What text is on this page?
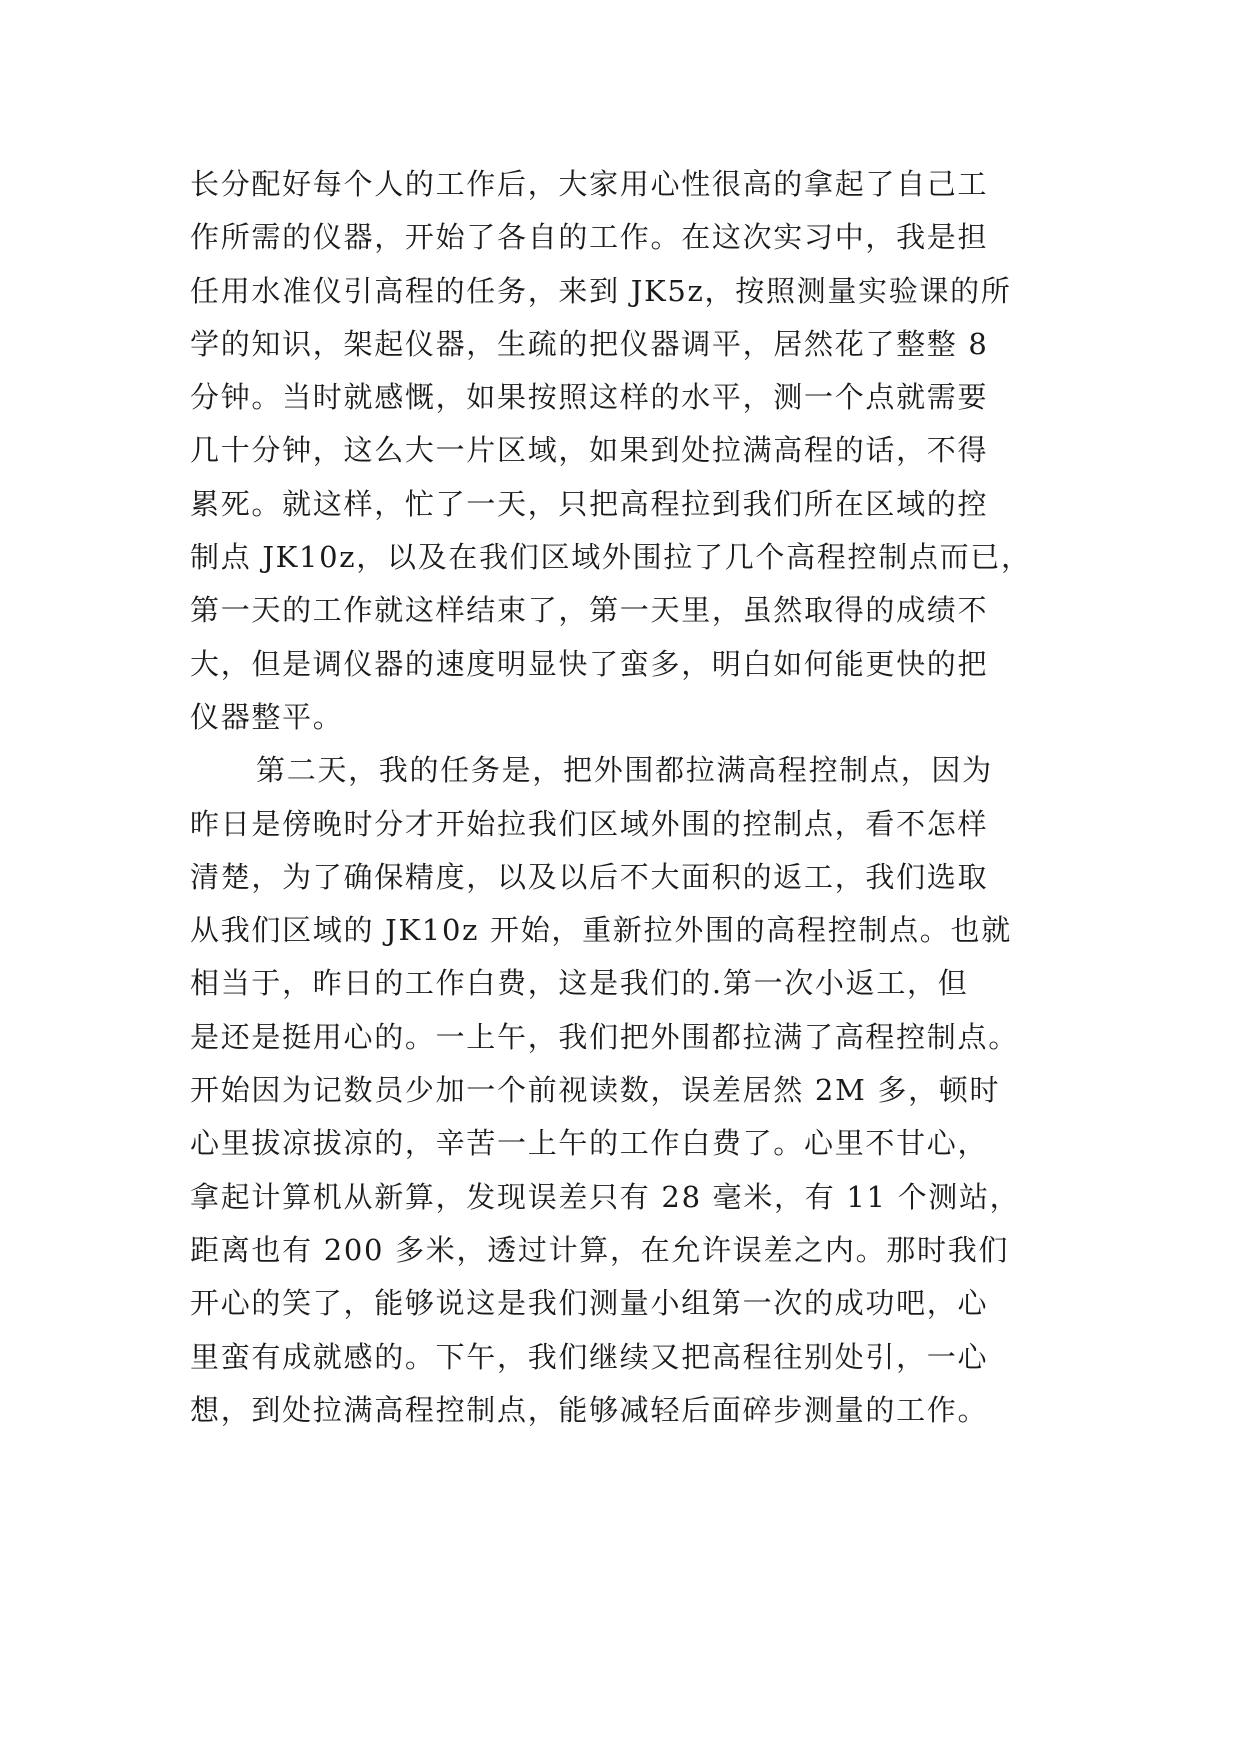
长分配好每个人的工作后，大家用心性很高的拿起了自己工
作所需的仪器，开始了各自的工作。在这次实习中，我是担
任用水准仪引高程的任务，来到 JK5z，按照测量实验课的所
学的知识，架起仪器，生疏的把仪器调平，居然花了整整 8
分钟。当时就感慨，如果按照这样的水平，测一个点就需要
几十分钟，这么大一片区域，如果到处拉满高程的话，不得
累死。就这样，忙了一天，只把高程拉到我们所在区域的控
制点 JK10z，以及在我们区域外围拉了几个高程控制点而已，
第一天的工作就这样结束了，第一天里，虽然取得的成绩不
大，但是调仪器的速度明显快了蛮多，明白如何能更快的把
仪器整平。
第二天，我的任务是，把外围都拉满高程控制点，因为
昨日是傍晚时分才开始拉我们区域外围的控制点，看不怎样
清楚，为了确保精度，以及以后不大面积的返工，我们选取
从我们区域的 JK10z 开始，重新拉外围的高程控制点。也就
相当于，昨日的工作白费，这是我们的.第一次小返工，但
是还是挺用心的。一上午，我们把外围都拉满了高程控制点。
开始因为记数员少加一个前视读数，误差居然 2M 多，顿时
心里拔凉拔凉的，辛苦一上午的工作白费了。心里不甘心，
拿起计算机从新算，发现误差只有 28 毫米，有 11 个测站，
距离也有 200 多米，透过计算，在允许误差之内。那时我们
开心的笑了，能够说这是我们测量小组第一次的成功吧，心
里蛮有成就感的。下午，我们继续又把高程往别处引，一心
想，到处拉满高程控制点，能够减轻后面碎步测量的工作。
